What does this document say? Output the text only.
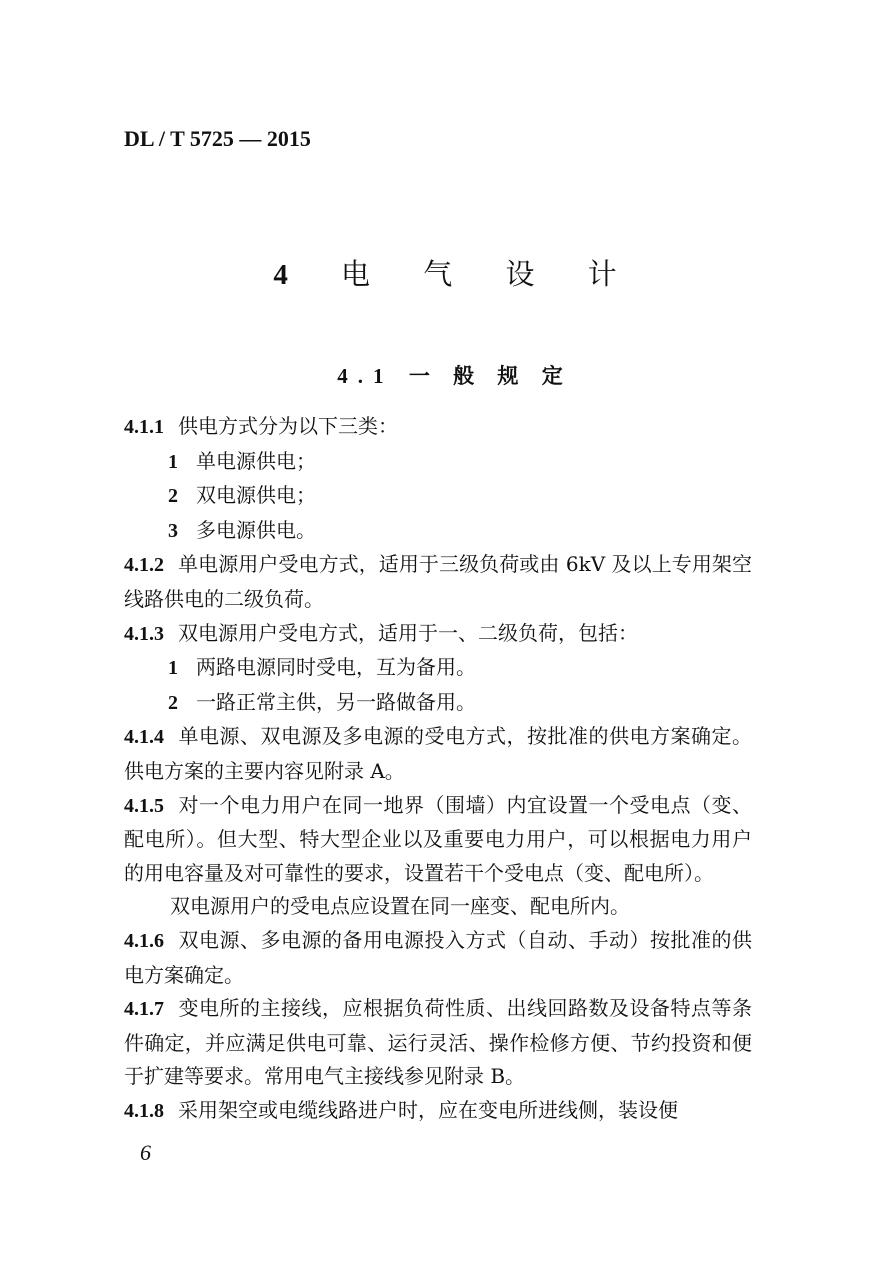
DL / T 5725 — 2015
4 电 气 设 计
4.1 一 般 规 定

4.1.1 供电方式分为以下三类：

1 单电源供电；

2 双电源供电；

3 多电源供电。

4.1.2 单电源用户受电方式，适用于三级负荷或由 6kV 及以上专用架空线路供电的二级负荷。

4.1.3 双电源用户受电方式，适用于一、二级负荷，包括：

1 两路电源同时受电，互为备用。

2 一路正常主供，另一路做备用。

4.1.4 单电源、双电源及多电源的受电方式，按批准的供电方案确定。供电方案的主要内容见附录 A。

4.1.5 对一个电力用户在同一地界（围墙）内宜设置一个受电点（变、配电所）。但大型、特大型企业以及重要电力用户，可以根据电力用户的用电容量及对可靠性的要求，设置若干个受电点（变、配电所）。

双电源用户的受电点应设置在同一座变、配电所内。

4.1.6 双电源、多电源的备用电源投入方式（自动、手动）按批准的供电方案确定。

4.1.7 变电所的主接线，应根据负荷性质、出线回路数及设备特点等条件确定，并应满足供电可靠、运行灵活、操作检修方便、节约投资和便于扩建等要求。常用电气主接线参见附录 B。

4.1.8 采用架空或电缆线路进户时，应在变电所进线侧，装设便

6
